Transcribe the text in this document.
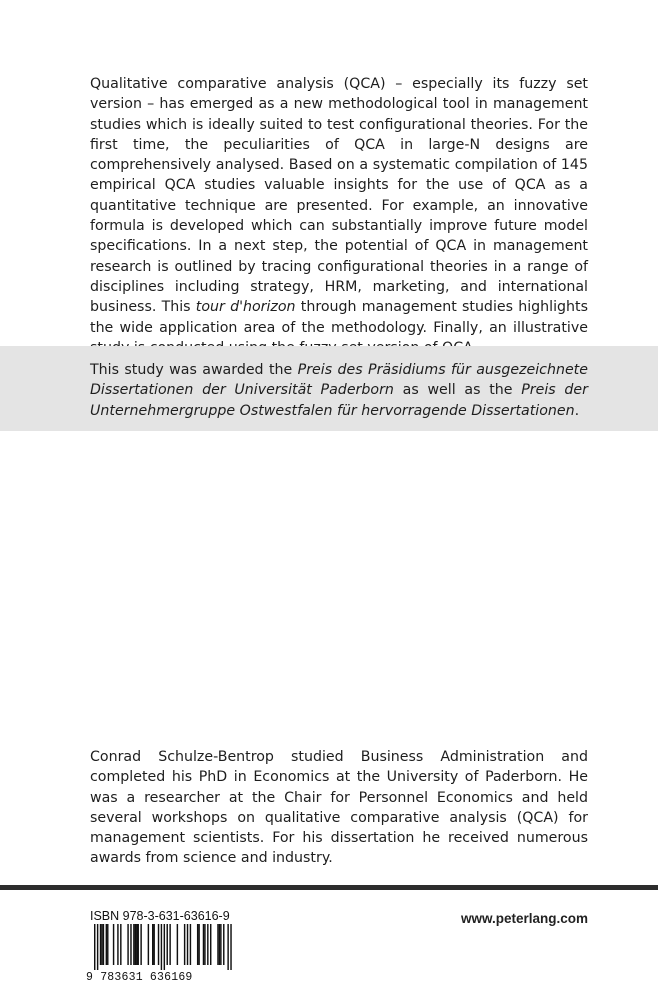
Qualitative comparative analysis (QCA) – especially its fuzzy set version – has emerged as a new methodological tool in management studies which is ideally suited to test configurational theories. For the first time, the peculiarities of QCA in large-N designs are comprehensively analysed. Based on a systematic compilation of 145 empirical QCA studies valuable insights for the use of QCA as a quantitative technique are presented. For example, an innovative formula is developed which can substantially improve future model specifications. In a next step, the potential of QCA in management research is outlined by tracing configurational theories in a range of disciplines including strategy, HRM, marketing, and international business. This tour d'horizon through management studies highlights the wide application area of the methodology. Finally, an illustrative

This study was awarded the Preis des Präsidiums für ausgezeichnete Dissertationen der Universität Paderborn as well as the Preis der Unternehmergruppe Ostwestfalen für hervorragende Dissertationen.

Conrad Schulze-Bentrop studied Business Administration and completed his PhD in Economics at the University of Paderborn. He was a researcher at the Chair for Personnel Economics and held several workshops on qualitative comparative analysis (QCA) for management scientists. For his dissertation he received numerous awards from science and industry.

ISBN 978-3-631-63616-9
9 783631 636169
www.peterlang.com
